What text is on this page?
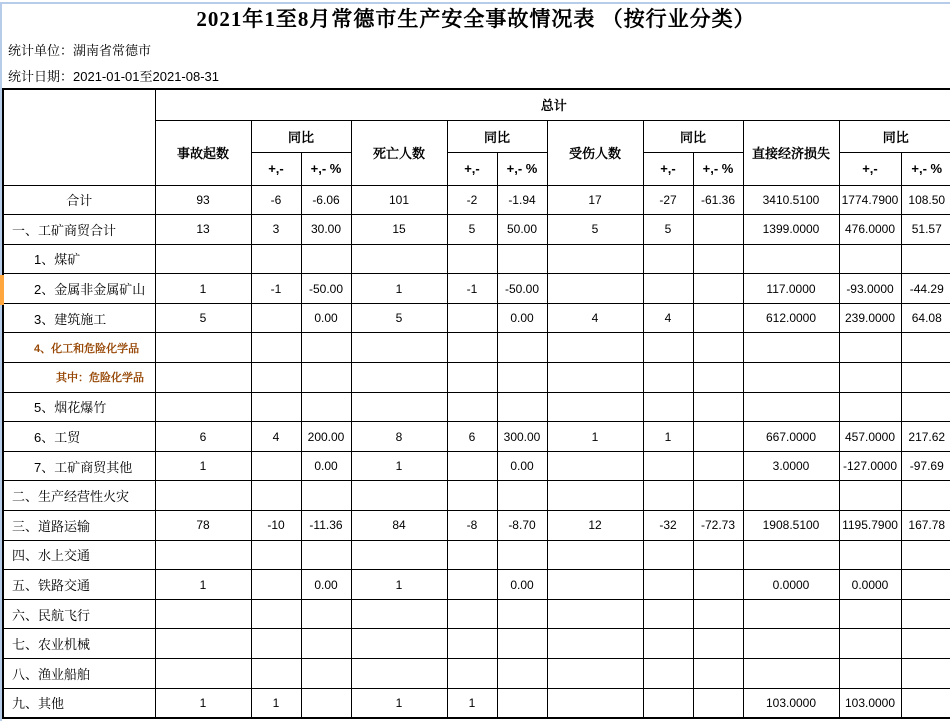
2021年1至8月常德市生产安全事故情况表 （按行业分类）
统计单位：湖南省常德市
统计日期：2021-01-01至2021-08-31
	总计											
	事故起数	同比		死亡人数	同比		受伤人数	同比		直接经济损失	同比	
		+,-	+,- %		+,-	+,- %		+,-	+,- %		+,-	+,- %
合计	93	-6	-6.06	101	-2	-1.94	17	-27	-61.36	3410.5100	1774.7900	108.50
一、工矿商贸合计	13	3	30.00	15	5	50.00	5	5		1399.0000	476.0000	51.57
1、煤矿												
2、金属非金属矿山	1	-1	-50.00	1	-1	-50.00				117.0000	-93.0000	-44.29
3、建筑施工	5		0.00	5		0.00	4	4		612.0000	239.0000	64.08
4、化工和危险化学品												
其中：危险化学品												
5、烟花爆竹												
6、工贸	6	4	200.00	8	6	300.00	1	1		667.0000	457.0000	217.62
7、工矿商贸其他	1		0.00	1		0.00				3.0000	-127.0000	-97.69
二、生产经营性火灾												
三、道路运输	78	-10	-11.36	84	-8	-8.70	12	-32	-72.73	1908.5100	1195.7900	167.78
四、水上交通												
五、铁路交通	1		0.00	1		0.00				0.0000	0.0000	
六、民航飞行												
七、农业机械												
八、渔业船舶												
九、其他	1	1		1	1					103.0000	103.0000	
